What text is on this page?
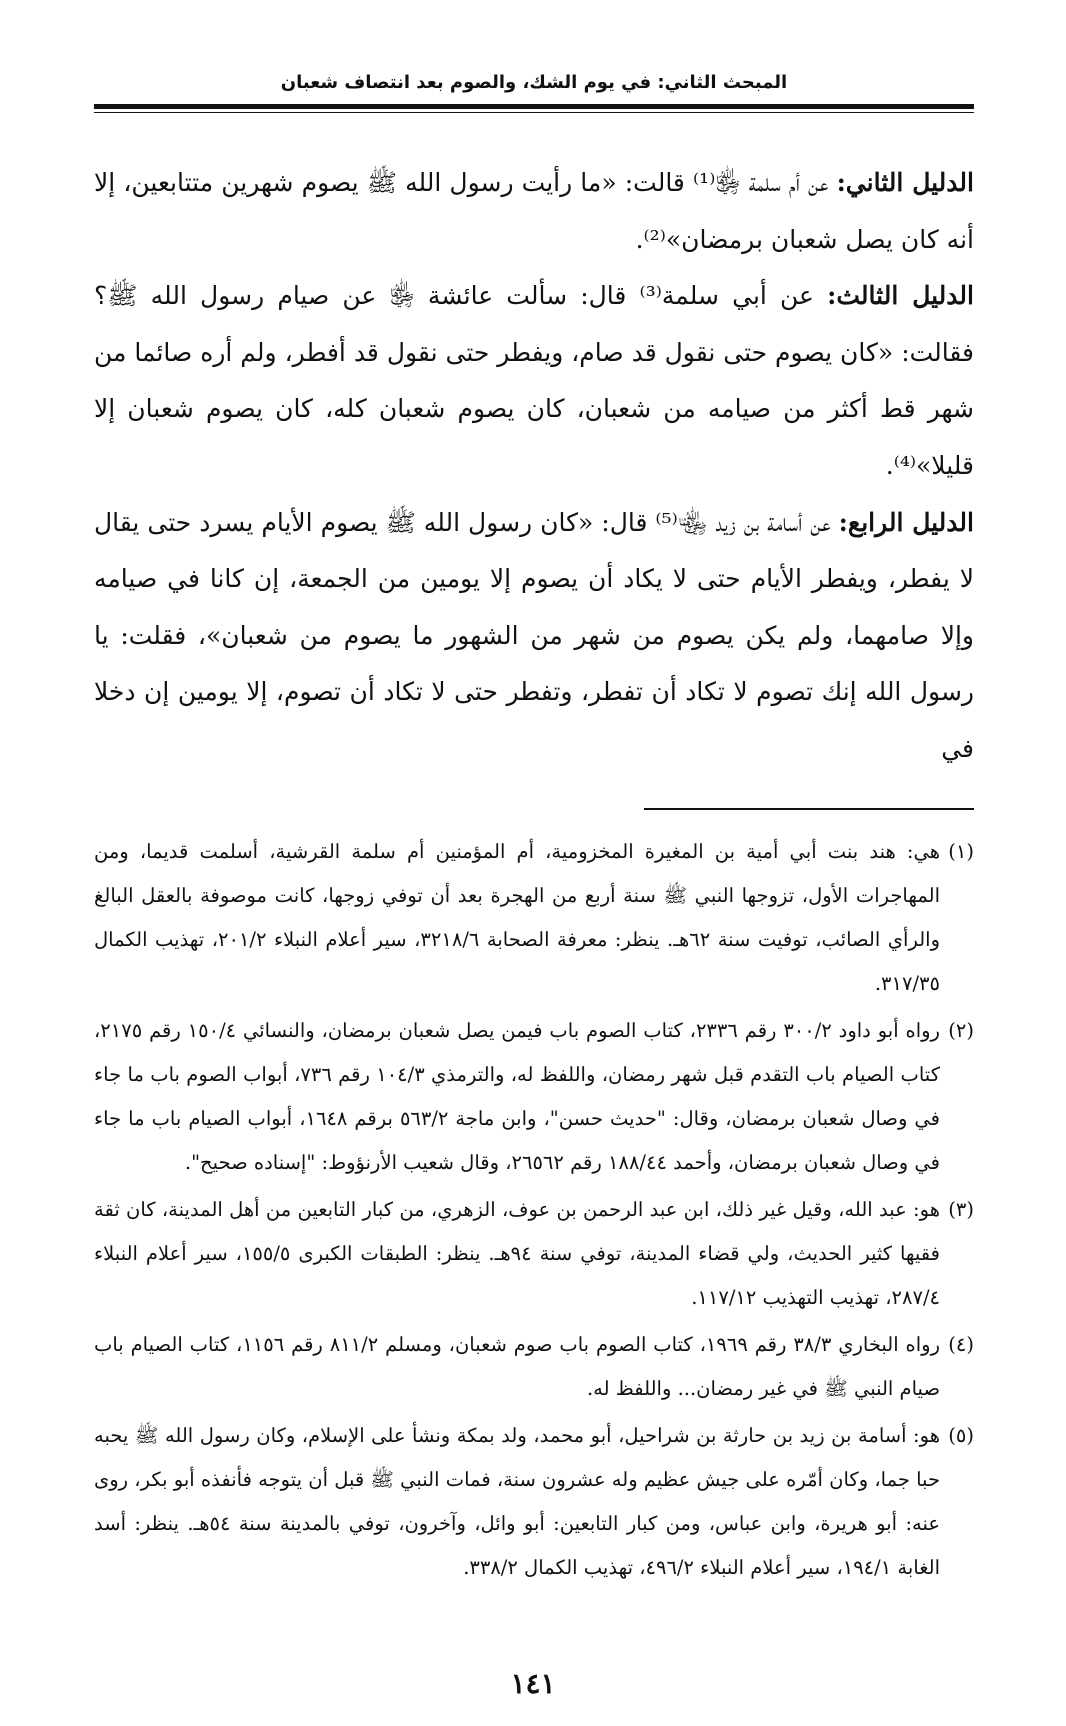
المبحث الثاني: في يوم الشك، والصوم بعد انتصاف شعبان

الدليل الثاني: عن أم سلمة ﵂⁽¹⁾ قالت: «ما رأيت رسول الله ﷺ يصوم شهرين متتابعين، إلا أنه كان يصل شعبان برمضان»⁽²⁾.

الدليل الثالث: عن أبي سلمة⁽³⁾ قال: سألت عائشة ﵂ عن صيام رسول الله ﷺ؟ فقالت: «كان يصوم حتى نقول قد صام، ويفطر حتى نقول قد أفطر، ولم أره صائما من شهر قط أكثر من صيامه من شعبان، كان يصوم شعبان كله، كان يصوم شعبان إلا قليلا»⁽⁴⁾.

الدليل الرابع: عن أسامة بن زيد ﵄⁽⁵⁾ قال: «كان رسول الله ﷺ يصوم الأيام يسرد حتى يقال لا يفطر، ويفطر الأيام حتى لا يكاد أن يصوم إلا يومين من الجمعة، إن كانا في صيامه وإلا صامهما، ولم يكن يصوم من شهر من الشهور ما يصوم من شعبان»، فقلت: يا رسول الله إنك تصوم لا تكاد أن تفطر، وتفطر حتى لا تكاد أن تصوم، إلا يومين إن دخلا في

(١)
هي: هند بنت أبي أمية بن المغيرة المخزومية، أم المؤمنين أم سلمة القرشية، أسلمت قديما، ومن المهاجرات الأول، تزوجها النبي ﷺ سنة أربع من الهجرة بعد أن توفي زوجها، كانت موصوفة بالعقل البالغ والرأي الصائب، توفيت سنة ٦٢هـ. ينظر: معرفة الصحابة ٣٢١٨/٦، سير أعلام النبلاء ٢٠١/٢، تهذيب الكمال ٣١٧/٣٥.
(٢)
رواه أبو داود ٣٠٠/٢ رقم ٢٣٣٦، كتاب الصوم باب فيمن يصل شعبان برمضان، والنسائي ١٥٠/٤ رقم ٢١٧٥، كتاب الصيام باب التقدم قبل شهر رمضان، واللفظ له، والترمذي ١٠٤/٣ رقم ٧٣٦، أبواب الصوم باب ما جاء في وصال شعبان برمضان، وقال: "حديث حسن"، وابن ماجة ٥٦٣/٢ برقم ١٦٤٨، أبواب الصيام باب ما جاء في وصال شعبان برمضان، وأحمد ١٨٨/٤٤ رقم ٢٦٥٦٢، وقال شعيب الأرنؤوط: "إسناده صحيح".
(٣)
هو: عبد الله، وقيل غير ذلك، ابن عبد الرحمن بن عوف، الزهري، من كبار التابعين من أهل المدينة، كان ثقة فقيها كثير الحديث، ولي قضاء المدينة، توفي سنة ٩٤هـ. ينظر: الطبقات الكبرى ١٥٥/٥، سير أعلام النبلاء ٢٨٧/٤، تهذيب التهذيب ١١٧/١٢.
(٤)
رواه البخاري ٣٨/٣ رقم ١٩٦٩، كتاب الصوم باب صوم شعبان، ومسلم ٨١١/٢ رقم ١١٥٦، كتاب الصيام باب صيام النبي ﷺ في غير رمضان... واللفظ له.
(٥)
هو: أسامة بن زيد بن حارثة بن شراحيل، أبو محمد، ولد بمكة ونشأ على الإسلام، وكان رسول الله ﷺ يحبه حبا جما، وكان أمّره على جيش عظيم وله عشرون سنة، فمات النبي ﷺ قبل أن يتوجه فأنفذه أبو بكر، روى عنه: أبو هريرة، وابن عباس، ومن كبار التابعين: أبو وائل، وآخرون، توفي بالمدينة سنة ٥٤هـ. ينظر: أسد الغابة ١٩٤/١، سير أعلام النبلاء ٤٩٦/٢، تهذيب الكمال ٣٣٨/٢.
١٤١
